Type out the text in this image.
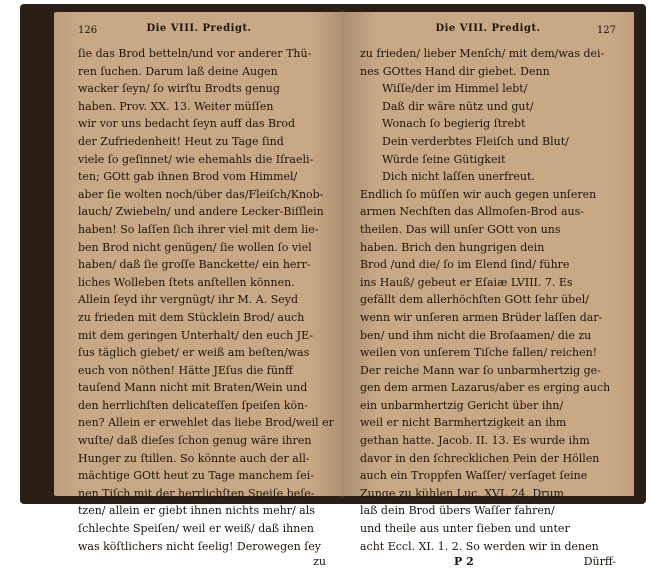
126	Die VIII. Predigt.
ſie das Brod betteln/und vor anderer Thü-
ren ſuchen. Darum laß deine Augen
wacker ſeyn/ ſo wirſtu Brodts genug
haben. Prov. XX. 13. Weiter müſſen
wir vor uns bedacht ſeyn auff das Brod
der Zufriedenheit! Heut zu Tage ſind
viele ſo geſinnet/ wie ehemahls die Iſraeli-
ten; GOtt gab ihnen Brod vom Himmel/
aber ſie wolten noch/über das/Fleiſch/Knob-
lauch/ Zwiebeln/ und andere Lecker-Biſſlein
haben! So laſſen ſich ihrer viel mit dem lie-
ben Brod nicht genügen/ ſie wollen ſo viel
haben/ daß ſie groſſe Banckette/ ein herr-
liches Wolleben ſtets anſtellen können.
Allein ſeyd ihr vergnügt/ ihr M. A. Seyd
zu frieden mit dem Stücklein Brod/ auch
mit dem geringen Unterhalt/ den euch JE-
ſus täglich giebet/ er weiß am beſten/was
euch von nöthen! Hätte JEſus die fünff
tauſend Mann nicht mit Braten/Wein und
den herrlichſten delicateſſen ſpeiſen kön-
nen? Allein er erwehlet das liebe Brod/weil er
wuſte/ daß dieſes ſchon genug wäre ihren
Hunger zu ſtillen. So könnte auch der all-
mächtige GOtt heut zu Tage manchem ſei-
nen Tiſch mit der herrlichſten Speiſe beſe-
tzen/ allein er giebt ihnen nichts mehr/ als
ſchlechte Speiſen/ weil er weiß/ daß ihnen
was köſtlichers nicht ſeelig! Derowegen ſey
zu
Die VIII. Predigt.	127
zu frieden/ lieber Menſch/ mit dem/was dei-
nes GOttes Hand dir giebet. Denn
Wiſſe/der im Himmel lebt/
Daß dir wäre nütz und gut/
Wonach ſo begierig ſtrebt
Dein verderbtes Fleiſch und Blut/
Würde ſeine Gütigkeit
Dich nicht laſſen unerfreut.
Endlich ſo müſſen wir auch gegen unſeren
armen Nechſten das Allmoſen-Brod aus-
theilen. Das will unſer GOtt von uns
haben. Brich den hungrigen dein
Brod /und die/ ſo im Elend ſind/ führe
ins Hauß/ gebeut er Eſaiæ LVIII. 7. Es
gefällt dem allerhöchſten GOtt ſehr übel/
wenn wir unſeren armen Brüder laſſen dar-
ben/ und ihm nicht die Broſaamen/ die zu
weilen von unſerem Tiſche fallen/ reichen!
Der reiche Mann war ſo unbarmhertzig ge-
gen dem armen Lazarus/aber es erging auch
ein unbarmhertzig Gericht über ihn/
weil er nicht Barmhertzigkeit an ihm
gethan hatte. Jacob. II. 13. Es wurde ihm
davor in den ſchrecklichen Pein der Höllen
auch ein Troppfen Waſſer/ verſaget ſeine
Zunge zu kühlen Luc. XVI. 24. Drum
laß dein Brod übers Waſſer fahren/
und theile aus unter ſieben und unter
acht Eccl. XI. 1. 2. So werden wir in denen
P 2	Dürff-
